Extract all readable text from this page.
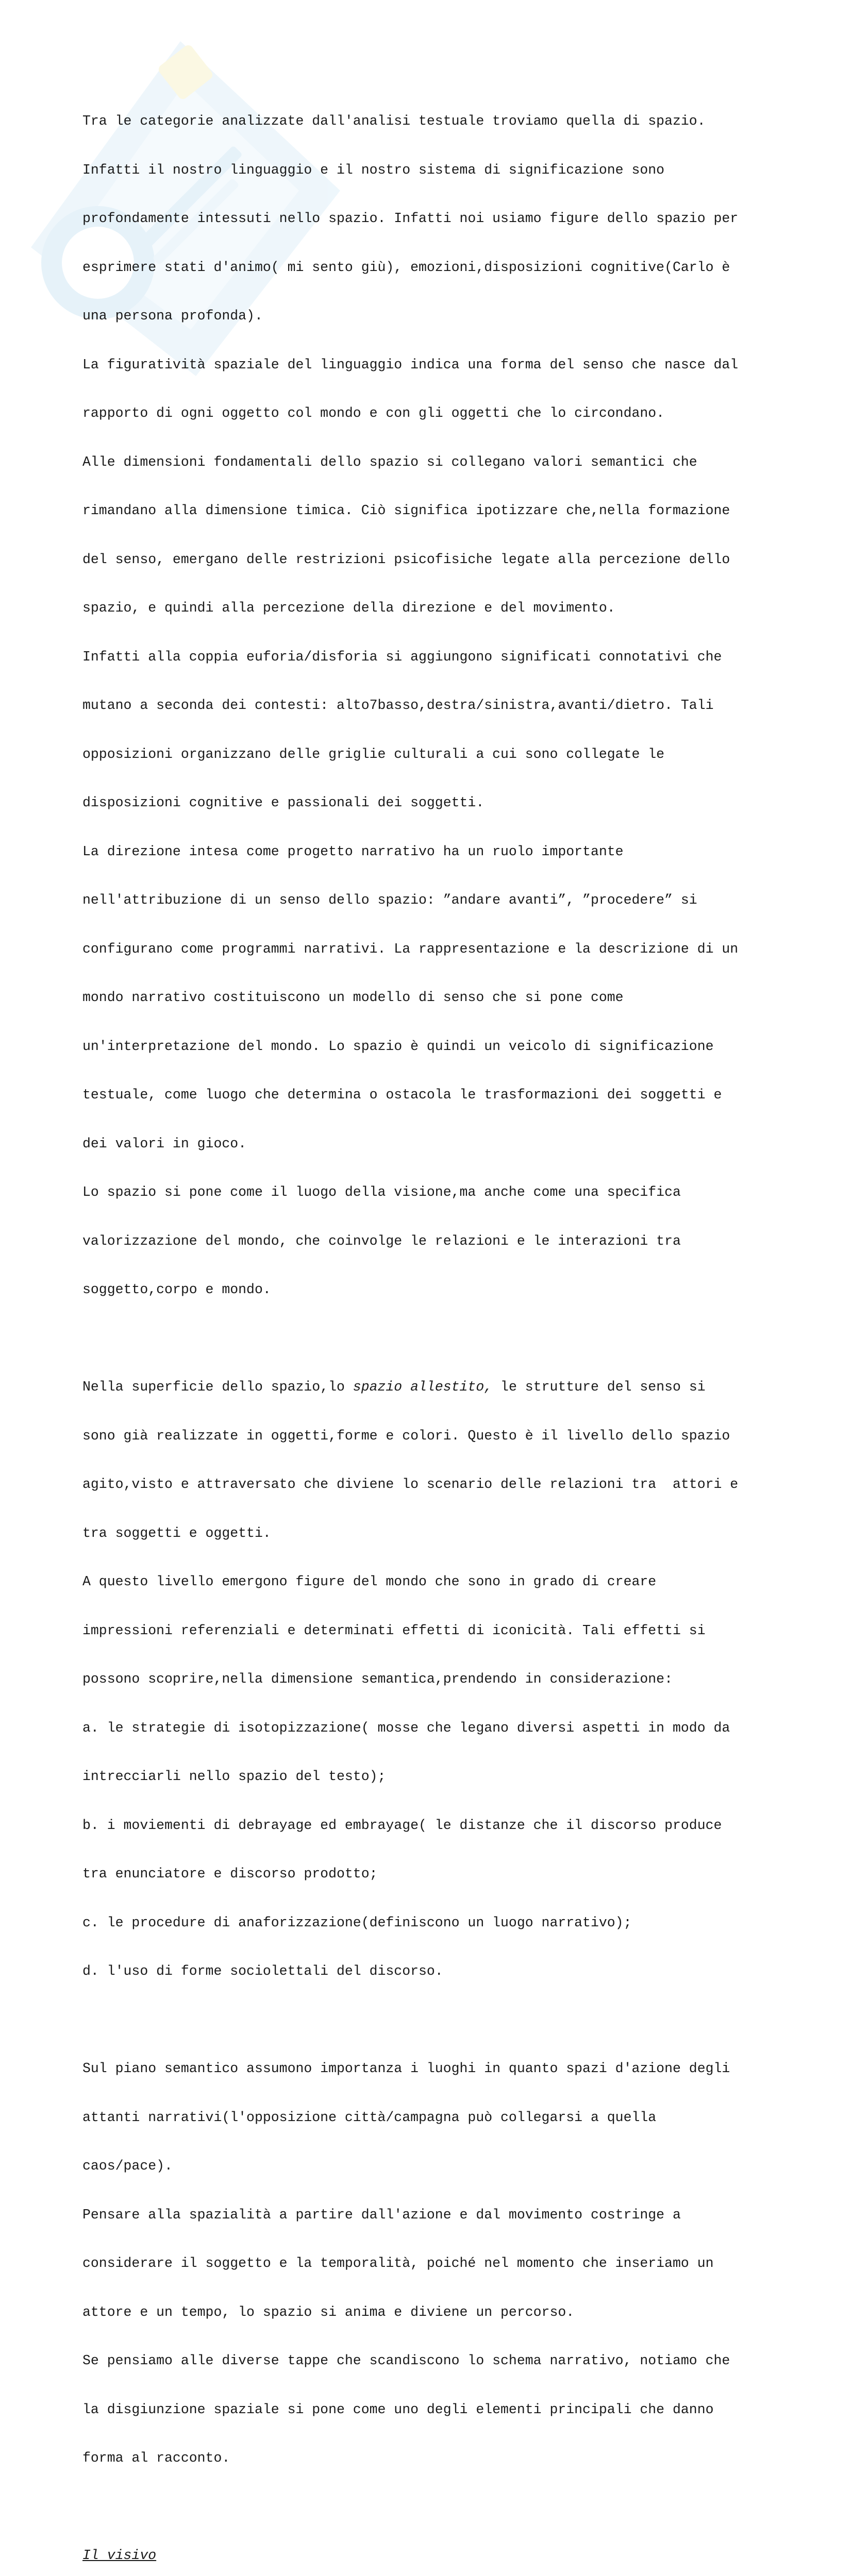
Tra le categorie analizzate dall'analisi testuale troviamo quella di spazio.

Infatti il nostro linguaggio e il nostro sistema di significazione sono

profondamente intessuti nello spazio. Infatti noi usiamo figure dello spazio per

esprimere stati d'animo( mi sento giù), emozioni,disposizioni cognitive(Carlo è

una persona profonda).

La figuratività spaziale del linguaggio indica una forma del senso che nasce dal

rapporto di ogni oggetto col mondo e con gli oggetti che lo circondano.

Alle dimensioni fondamentali dello spazio si collegano valori semantici che

rimandano alla dimensione timica. Ciò significa ipotizzare che,nella formazione

del senso, emergano delle restrizioni psicofisiche legate alla percezione dello

spazio, e quindi alla percezione della direzione e del movimento.

Infatti alla coppia euforia/disforia si aggiungono significati connotativi che

mutano a seconda dei contesti: alto7basso,destra/sinistra,avanti/dietro. Tali

opposizioni organizzano delle griglie culturali a cui sono collegate le

disposizioni cognitive e passionali dei soggetti.

La direzione intesa come progetto narrativo ha un ruolo importante

nell'attribuzione di un senso dello spazio: ”andare avanti”, ”procedere” si

configurano come programmi narrativi. La rappresentazione e la descrizione di un

mondo narrativo costituiscono un modello di senso che si pone come

un'interpretazione del mondo. Lo spazio è quindi un veicolo di significazione

testuale, come luogo che determina o ostacola le trasformazioni dei soggetti e

dei valori in gioco.

Lo spazio si pone come il luogo della visione,ma anche come una specifica

valorizzazione del mondo, che coinvolge le relazioni e le interazioni tra

soggetto,corpo e mondo.

Nella superficie dello spazio,lo spazio allestito, le strutture del senso si

sono già realizzate in oggetti,forme e colori. Questo è il livello dello spazio

agito,visto e attraversato che diviene lo scenario delle relazioni tra  attori e

tra soggetti e oggetti.

A questo livello emergono figure del mondo che sono in grado di creare

impressioni referenziali e determinati effetti di iconicità. Tali effetti si

possono scoprire,nella dimensione semantica,prendendo in considerazione:

a. le strategie di isotopizzazione( mosse che legano diversi aspetti in modo da

intrecciarli nello spazio del testo);

b. i moviementi di debrayage ed embrayage( le distanze che il discorso produce

tra enunciatore e discorso prodotto;

c. le procedure di anaforizzazione(definiscono un luogo narrativo);

d. l'uso di forme sociolettali del discorso.

Sul piano semantico assumono importanza i luoghi in quanto spazi d'azione degli

attanti narrativi(l'opposizione città/campagna può collegarsi a quella

caos/pace).

Pensare alla spazialità a partire dall'azione e dal movimento costringe a

considerare il soggetto e la temporalità, poiché nel momento che inseriamo un

attore e un tempo, lo spazio si anima e diviene un percorso.

Se pensiamo alle diverse tappe che scandiscono lo schema narrativo, notiamo che

la disgiunzione spaziale si pone come uno degli elementi principali che danno

forma al racconto.

Il visivo
